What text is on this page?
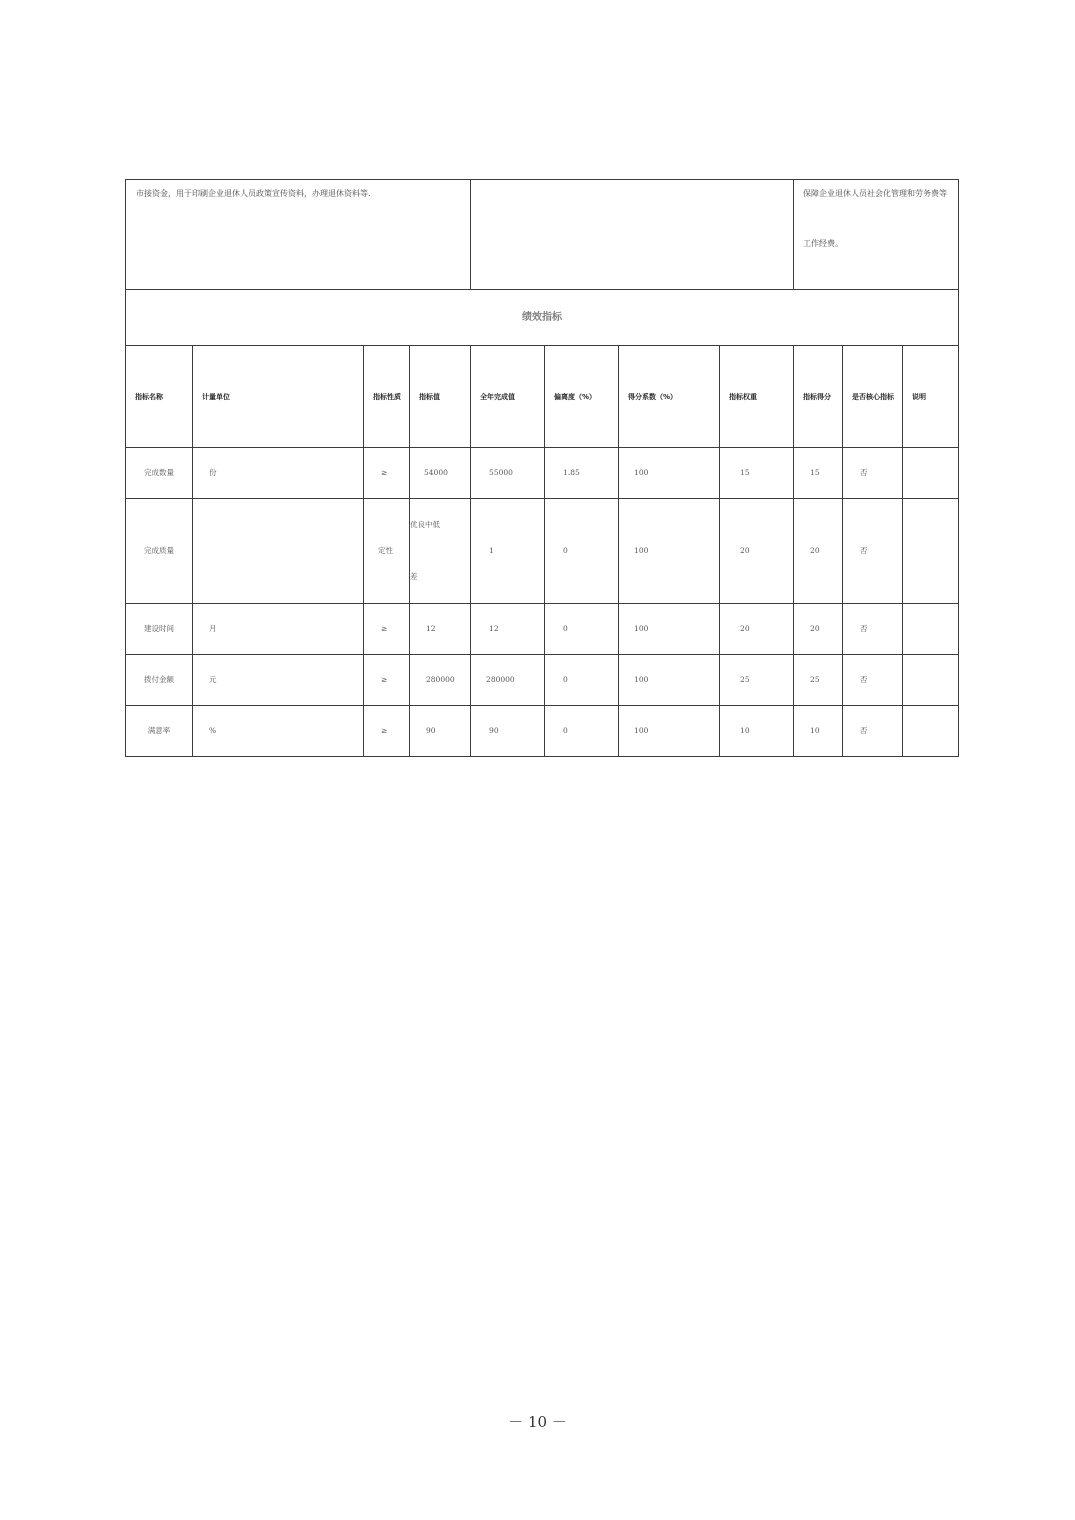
市接资金，用于印刷企业退休人员政策宣传资料，办理退休资料等.								保障企业退休人员社会化管理和劳务费等工作经费。		

绩效指标										
指标名称	计量单位	指标性质	指标值	全年完成值	偏离度（%）	得分系数（%）	指标权重	指标得分	是否核心指标	说明
完成数量	份	≥	54000	55000	1.85	100	15	15	否	
完成质量		定性	优良中低差	1	0	100	20	20	否	
建设时间	月	≥	12	12	0	100	20	20	否	
拨付金额	元	≥	280000	280000	0	100	25	25	否	
满意率	%	≥	90	90	0	100	10	10	否	
－ 10 －
